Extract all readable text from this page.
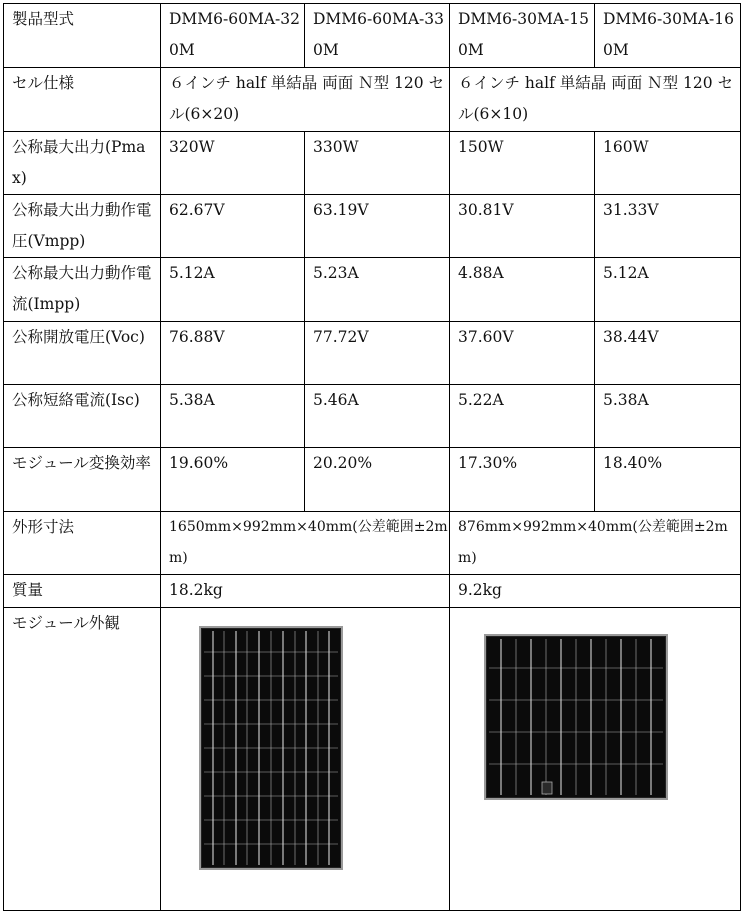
製品型式	DMM6-60MA-320M	DMM6-60MA-330M	DMM6-30MA-150M	DMM6-30MA-160M
セル仕様	６インチ half 単結晶 両面 Ｎ型 120 セル(6×20)		６インチ half 単結晶 両面 Ｎ型 120 セル(6×10)	
公称最大出力(Pmax)	320W	330W	150W	160W
公称最大出力動作電圧(Vmpp)	62.67V	63.19V	30.81V	31.33V
公称最大出力動作電流(Impp)	5.12A	5.23A	4.88A	5.12A
公称開放電圧(Voc)	76.88V	77.72V	37.60V	38.44V
公称短絡電流(Isc)	5.38A	5.46A	5.22A	5.38A
モジュール変換効率	19.60%	20.20%	17.30%	18.40%
外形寸法	1650mm×992mm×40mm(公差範囲±2mm)		876mm×992mm×40mm(公差範囲±2mm)	
質量	18.2kg		9.2kg	
モジュール外観	
